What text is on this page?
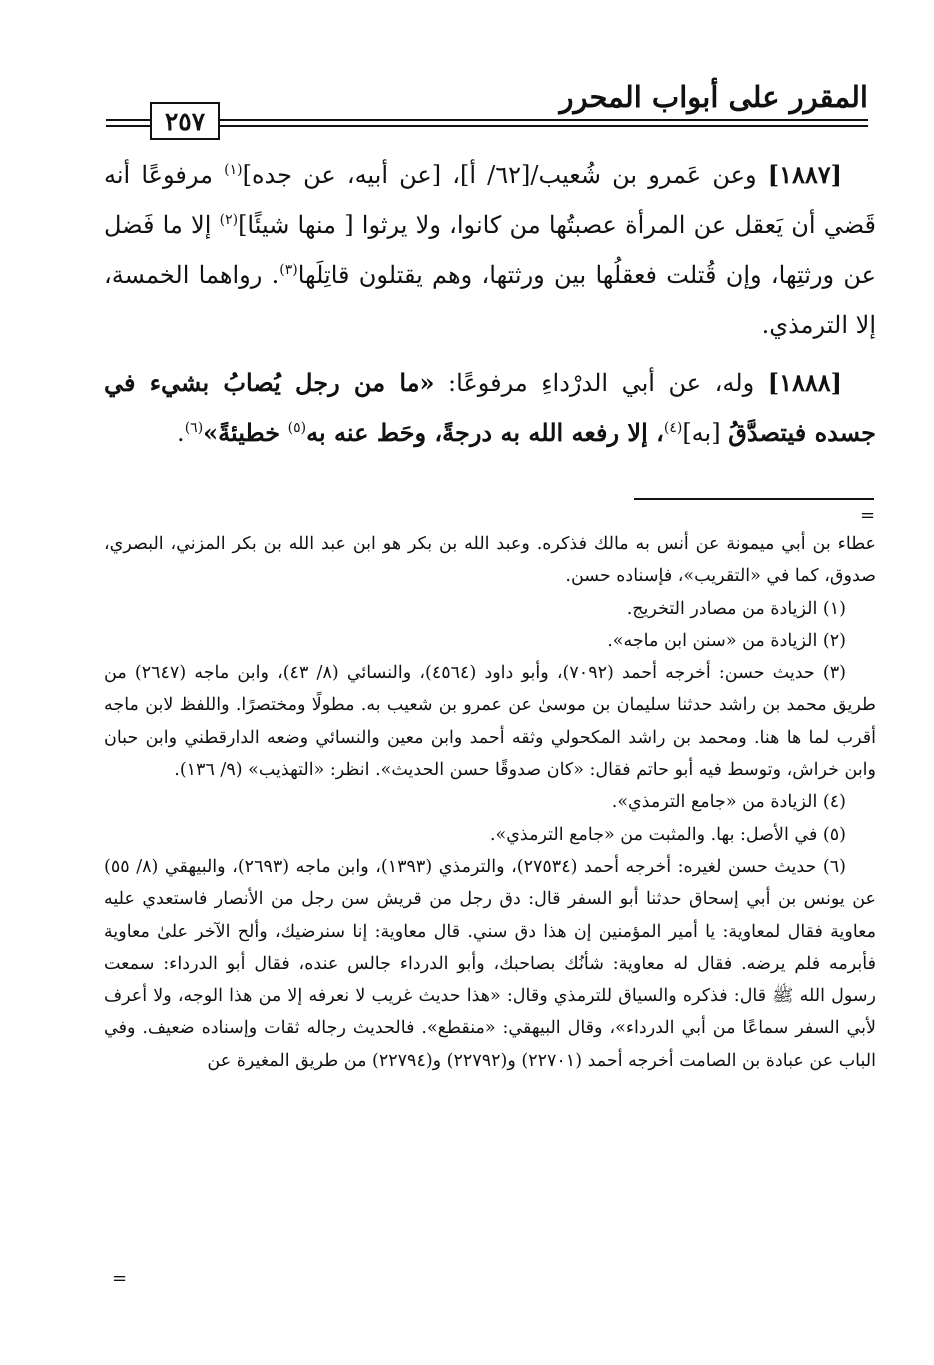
المقرر على أبواب المحرر
٢٥٧

[١٨٨٧] وعن عَمرو بن شُعيب/[٦٢/ أ]، [عن أبيه، عن جده]$^{(١)}$ مرفوعًا أنه قَضي أن يَعقل عن المرأة عصبتُها من كانوا، ولا يرثوا [ منها شيئًا]$^{(٢)}$ إلا ما فَضل عن ورثتِها، وإن قُتلت فعقلُها بين ورثتها، وهم يقتلون قاتِلَها$^{(٣)}$. رواهما الخمسة، إلا الترمذي.

[١٨٨٨] وله، عن أبي الدرْداءِ مرفوعًا: «ما من رجل يُصابُ بشيء في جسده فيتصدَّقُ [به]$^{(٤)}$، إلا رفعه الله به درجةً، وحَط عنه به$^{(٥)}$ خطيئةً»$^{(٦)}$.

=

عطاء بن أبي ميمونة عن أنس به مالك فذكره. وعبد الله بن بكر هو ابن عبد الله بن بكر المزني، البصري، صدوق، كما في «التقريب»، فإسناده حسن.

(١) الزيادة من مصادر التخريج.

(٢) الزيادة من «سنن ابن ماجه».

(٣) حديث حسن: أخرجه أحمد (٧٠٩٢)، وأبو داود (٤٥٦٤)، والنسائي (٨/ ٤٣)، وابن ماجه (٢٦٤٧) من طريق محمد بن راشد حدثنا سليمان بن موسىٰ عن عمرو بن شعيب به. مطولًا ومختصرًا. واللفظ لابن ماجه أقرب لما ها هنا. ومحمد بن راشد المكحولي وثقه أحمد وابن معين والنسائي وضعه الدارقطني وابن حبان وابن خراش، وتوسط فيه أبو حاتم فقال: «كان صدوقًا حسن الحديث». انظر: «التهذيب» (٩/ ١٣٦).

(٤) الزيادة من «جامع الترمذي».

(٥) في الأصل: بها. والمثبت من «جامع الترمذي».

(٦) حديث حسن لغيره: أخرجه أحمد (٢٧٥٣٤)، والترمذي (١٣٩٣)، وابن ماجه (٢٦٩٣)، والبيهقي (٨/ ٥٥) عن يونس بن أبي إسحاق حدثنا أبو السفر قال: دق رجل من قريش سن رجل من الأنصار فاستعدي عليه معاوية فقال لمعاوية: يا أمير المؤمنين إن هذا دق سني. قال معاوية: إنا سنرضيك، وألح الآخر علىٰ معاوية فأبرمه فلم يرضه. فقال له معاوية: شأنُك بصاحبك، وأبو الدرداء جالس عنده، فقال أبو الدرداء: سمعت رسول الله ﷺ قال: فذكره والسياق للترمذي وقال: «هذا حديث غريب لا نعرفه إلا من هذا الوجه، ولا أعرف لأبي السفر سماعًا من أبي الدرداء»، وقال البيهقي: «منقطع». فالحديث رجاله ثقات وإسناده ضعيف. وفي الباب عن عبادة بن الصامت أخرجه أحمد (٢٢٧٠١) و(٢٢٧٩٢) و(٢٢٧٩٤) من طريق المغيرة عن

=
